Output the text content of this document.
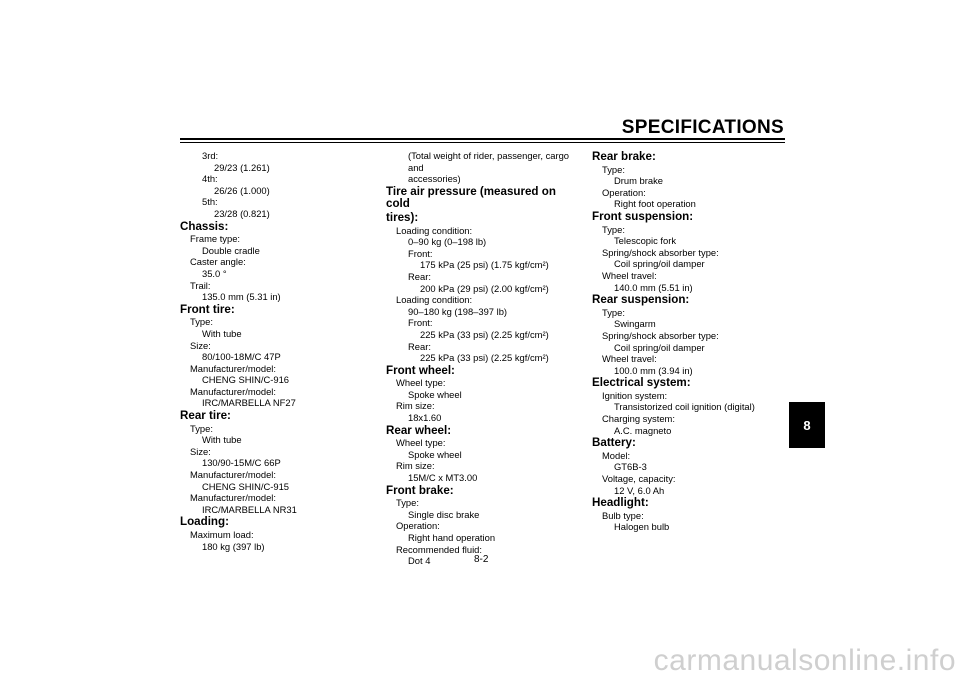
SPECIFICATIONS
3rd:
29/23 (1.261)
4th:
26/26 (1.000)
5th:
23/28 (0.821)
Chassis:
Frame type:
Double cradle
Caster angle:
35.0 °
Trail:
135.0 mm (5.31 in)
Front tire:
Type:
With tube
Size:
80/100-18M/C 47P
Manufacturer/model:
CHENG SHIN/C-916
Manufacturer/model:
IRC/MARBELLA NF27
Rear tire:
Type:
With tube
Size:
130/90-15M/C 66P
Manufacturer/model:
CHENG SHIN/C-915
Manufacturer/model:
IRC/MARBELLA NR31
Loading:
Maximum load:
180 kg (397 lb)
(Total weight of rider, passenger, cargo and
accessories)
Tire air pressure (measured on cold
tires):
Loading condition:
0–90 kg (0–198 lb)
Front:
175 kPa (25 psi) (1.75 kgf/cm²)
Rear:
200 kPa (29 psi) (2.00 kgf/cm²)
Loading condition:
90–180 kg (198–397 lb)
Front:
225 kPa (33 psi) (2.25 kgf/cm²)
Rear:
225 kPa (33 psi) (2.25 kgf/cm²)
Front wheel:
Wheel type:
Spoke wheel
Rim size:
18x1.60
Rear wheel:
Wheel type:
Spoke wheel
Rim size:
15M/C x MT3.00
Front brake:
Type:
Single disc brake
Operation:
Right hand operation
Recommended fluid:
Dot 4
Rear brake:
Type:
Drum brake
Operation:
Right foot operation
Front suspension:
Type:
Telescopic fork
Spring/shock absorber type:
Coil spring/oil damper
Wheel travel:
140.0 mm (5.51 in)
Rear suspension:
Type:
Swingarm
Spring/shock absorber type:
Coil spring/oil damper
Wheel travel:
100.0 mm (3.94 in)
Electrical system:
Ignition system:
Transistorized coil ignition (digital)
Charging system:
A.C. magneto
Battery:
Model:
GT6B-3
Voltage, capacity:
12 V, 6.0 Ah
Headlight:
Bulb type:
Halogen bulb
8-2
8
carmanualsonline.info
